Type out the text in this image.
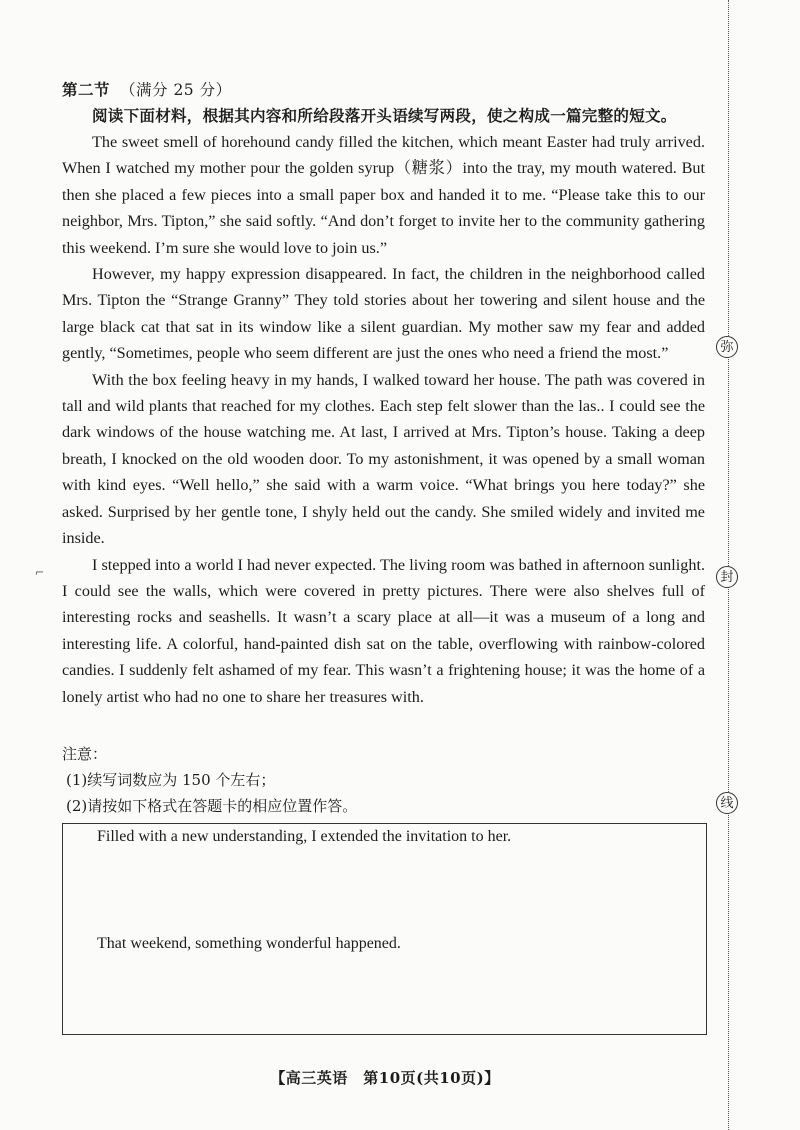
第二节 （满分 25 分）
阅读下面材料，根据其内容和所给段落开头语续写两段，使之构成一篇完整的短文。

The sweet smell of horehound candy filled the kitchen, which meant Easter had truly arrived. When I watched my mother pour the golden syrup（糖浆）into the tray, my mouth watered. But then she placed a few pieces into a small paper box and handed it to me. “Please take this to our neighbor, Mrs. Tipton,” she said softly. “And don’t forget to invite her to the community gathering this weekend. I’m sure she would love to join us.”

However, my happy expression disappeared. In fact, the children in the neighborhood called Mrs. Tipton the “Strange Granny” They told stories about her towering and silent house and the large black cat that sat in its window like a silent guardian. My mother saw my fear and added gently, “Sometimes, people who seem different are just the ones who need a friend the most.”

With the box feeling heavy in my hands, I walked toward her house. The path was covered in tall and wild plants that reached for my clothes. Each step felt slower than the las.. I could see the dark windows of the house watching me. At last, I arrived at Mrs. Tipton’s house. Taking a deep breath, I knocked on the old wooden door. To my astonishment, it was opened by a small woman with kind eyes. “Well hello,” she said with a warm voice. “What brings you here today?” she asked. Surprised by her gentle tone, I shyly held out the candy. She smiled widely and invited me inside.

I stepped into a world I had never expected. The living room was bathed in afternoon sunlight. I could see the walls, which were covered in pretty pictures. There were also shelves full of interesting rocks and seashells. It wasn’t a scary place at all—it was a museum of a long and interesting life. A colorful, hand-painted dish sat on the table, overflowing with rainbow-colored candies. I suddenly felt ashamed of my fear. This wasn’t a frightening house; it was the home of a lonely artist who had no one to share her treasures with.

注意：
(1)续写词数应为 150 个左右；
(2)请按如下格式在答题卡的相应位置作答。
Filled with a new understanding, I extended the invitation to her.
That weekend, something wonderful happened.
【高三英语　第10页(共10页)】
⌐
弥
封
线
